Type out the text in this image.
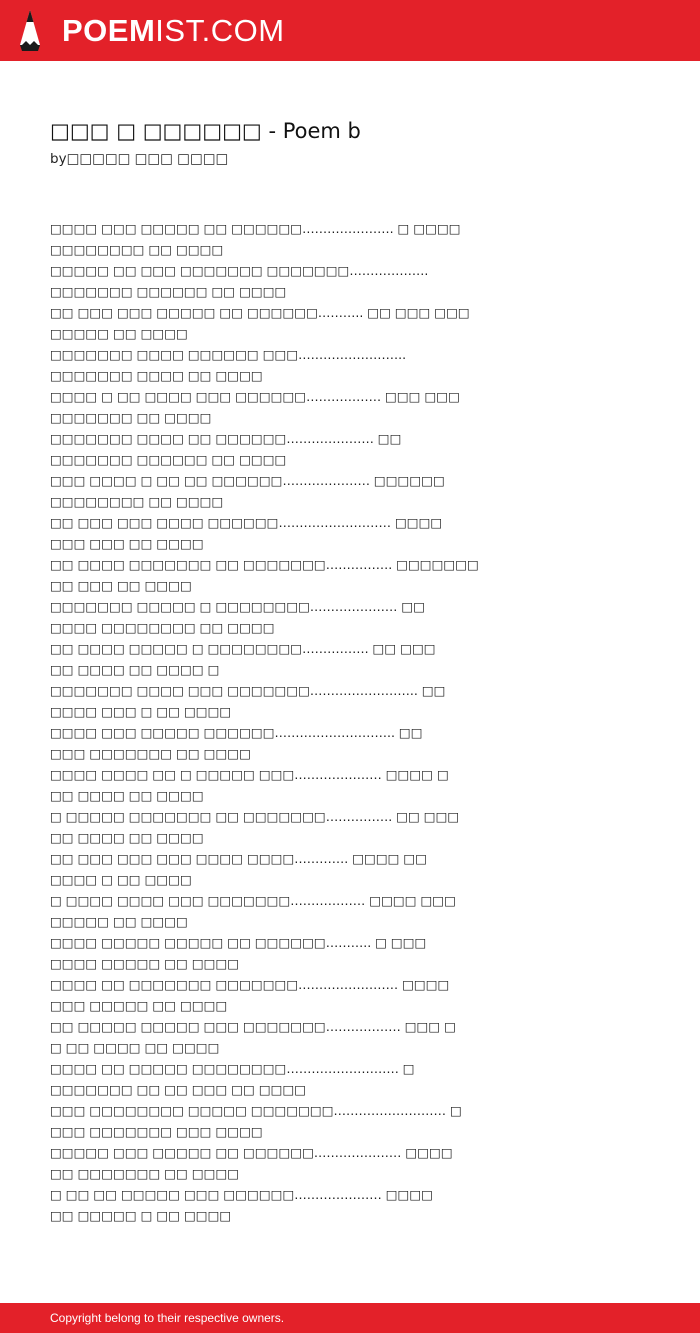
POEMIST.COM
□□□ □ □□□□□□ - Poem b
by□□□□□ □□□ □□□□
□□□□ □□□ □□□□□ □□ □□□□□□…………………. □ □□□□
□□□□□□□□ □□ □□□□
□□□□□ □□ □□□ □□□□□□□ □□□□□□□……………….
□□□□□□□ □□□□□□ □□ □□□□
□□ □□□ □□□ □□□□□ □□ □□□□□□……….. □□ □□□ □□□
□□□□□ □□ □□□□
□□□□□□□ □□□□ □□□□□□ □□□……………………..
□□□□□□□ □□□□ □□ □□□□
□□□□ □ □□ □□□□ □□□ □□□□□□……………… □□□ □□□
□□□□□□□ □□ □□□□
□□□□□□□ □□□□ □□ □□□□□□………………… □□
□□□□□□□ □□□□□□ □□ □□□□
□□□ □□□□ □ □□ □□ □□□□□□………………… □□□□□□
□□□□□□□□ □□ □□□□
□□ □□□ □□□ □□□□ □□□□□□……………………… □□□□
□□□ □□□ □□ □□□□
□□ □□□□ □□□□□□□ □□ □□□□□□□……………. □□□□□□□
□□ □□□ □□ □□□□
□□□□□□□ □□□□□ □ □□□□□□□□………………… □□
□□□□ □□□□□□□□ □□ □□□□
□□ □□□□ □□□□□ □ □□□□□□□□……………. □□ □□□
□□ □□□□ □□ □□□□ □
□□□□□□□ □□□□ □□□ □□□□□□□…………………….. □□
□□□□ □□□ □ □□ □□□□
□□□□ □□□ □□□□□ □□□□□□……………………….. □□
□□□ □□□□□□□ □□ □□□□
□□□□ □□□□ □□ □ □□□□□ □□□………………… □□□□ □
□□ □□□□ □□ □□□□
□ □□□□□ □□□□□□□ □□ □□□□□□□……………. □□ □□□
□□ □□□□ □□ □□□□
□□ □□□ □□□ □□□ □□□□ □□□□…………. □□□□ □□
□□□□ □ □□ □□□□
□ □□□□ □□□□ □□□ □□□□□□□……………… □□□□ □□□
□□□□□ □□ □□□□
□□□□ □□□□□ □□□□□ □□ □□□□□□……….. □ □□□
□□□□ □□□□□ □□ □□□□
□□□□ □□ □□□□□□□ □□□□□□□…………………… □□□□
□□□ □□□□□ □□ □□□□
□□ □□□□□ □□□□□ □□□ □□□□□□□……………… □□□ □
□ □□ □□□□ □□ □□□□
□□□□ □□ □□□□□ □□□□□□□□……………………… □
□□□□□□□ □□ □□ □□□ □□ □□□□
□□□ □□□□□□□□ □□□□□ □□□□□□□……………………… □
□□□ □□□□□□□ □□□ □□□□
□□□□□ □□□ □□□□□ □□ □□□□□□………………… □□□□
□□ □□□□□□□ □□ □□□□
□ □□ □□ □□□□□ □□□ □□□□□□………………… □□□□
□□ □□□□□ □ □□ □□□□
Copyright belong to their respective owners.
